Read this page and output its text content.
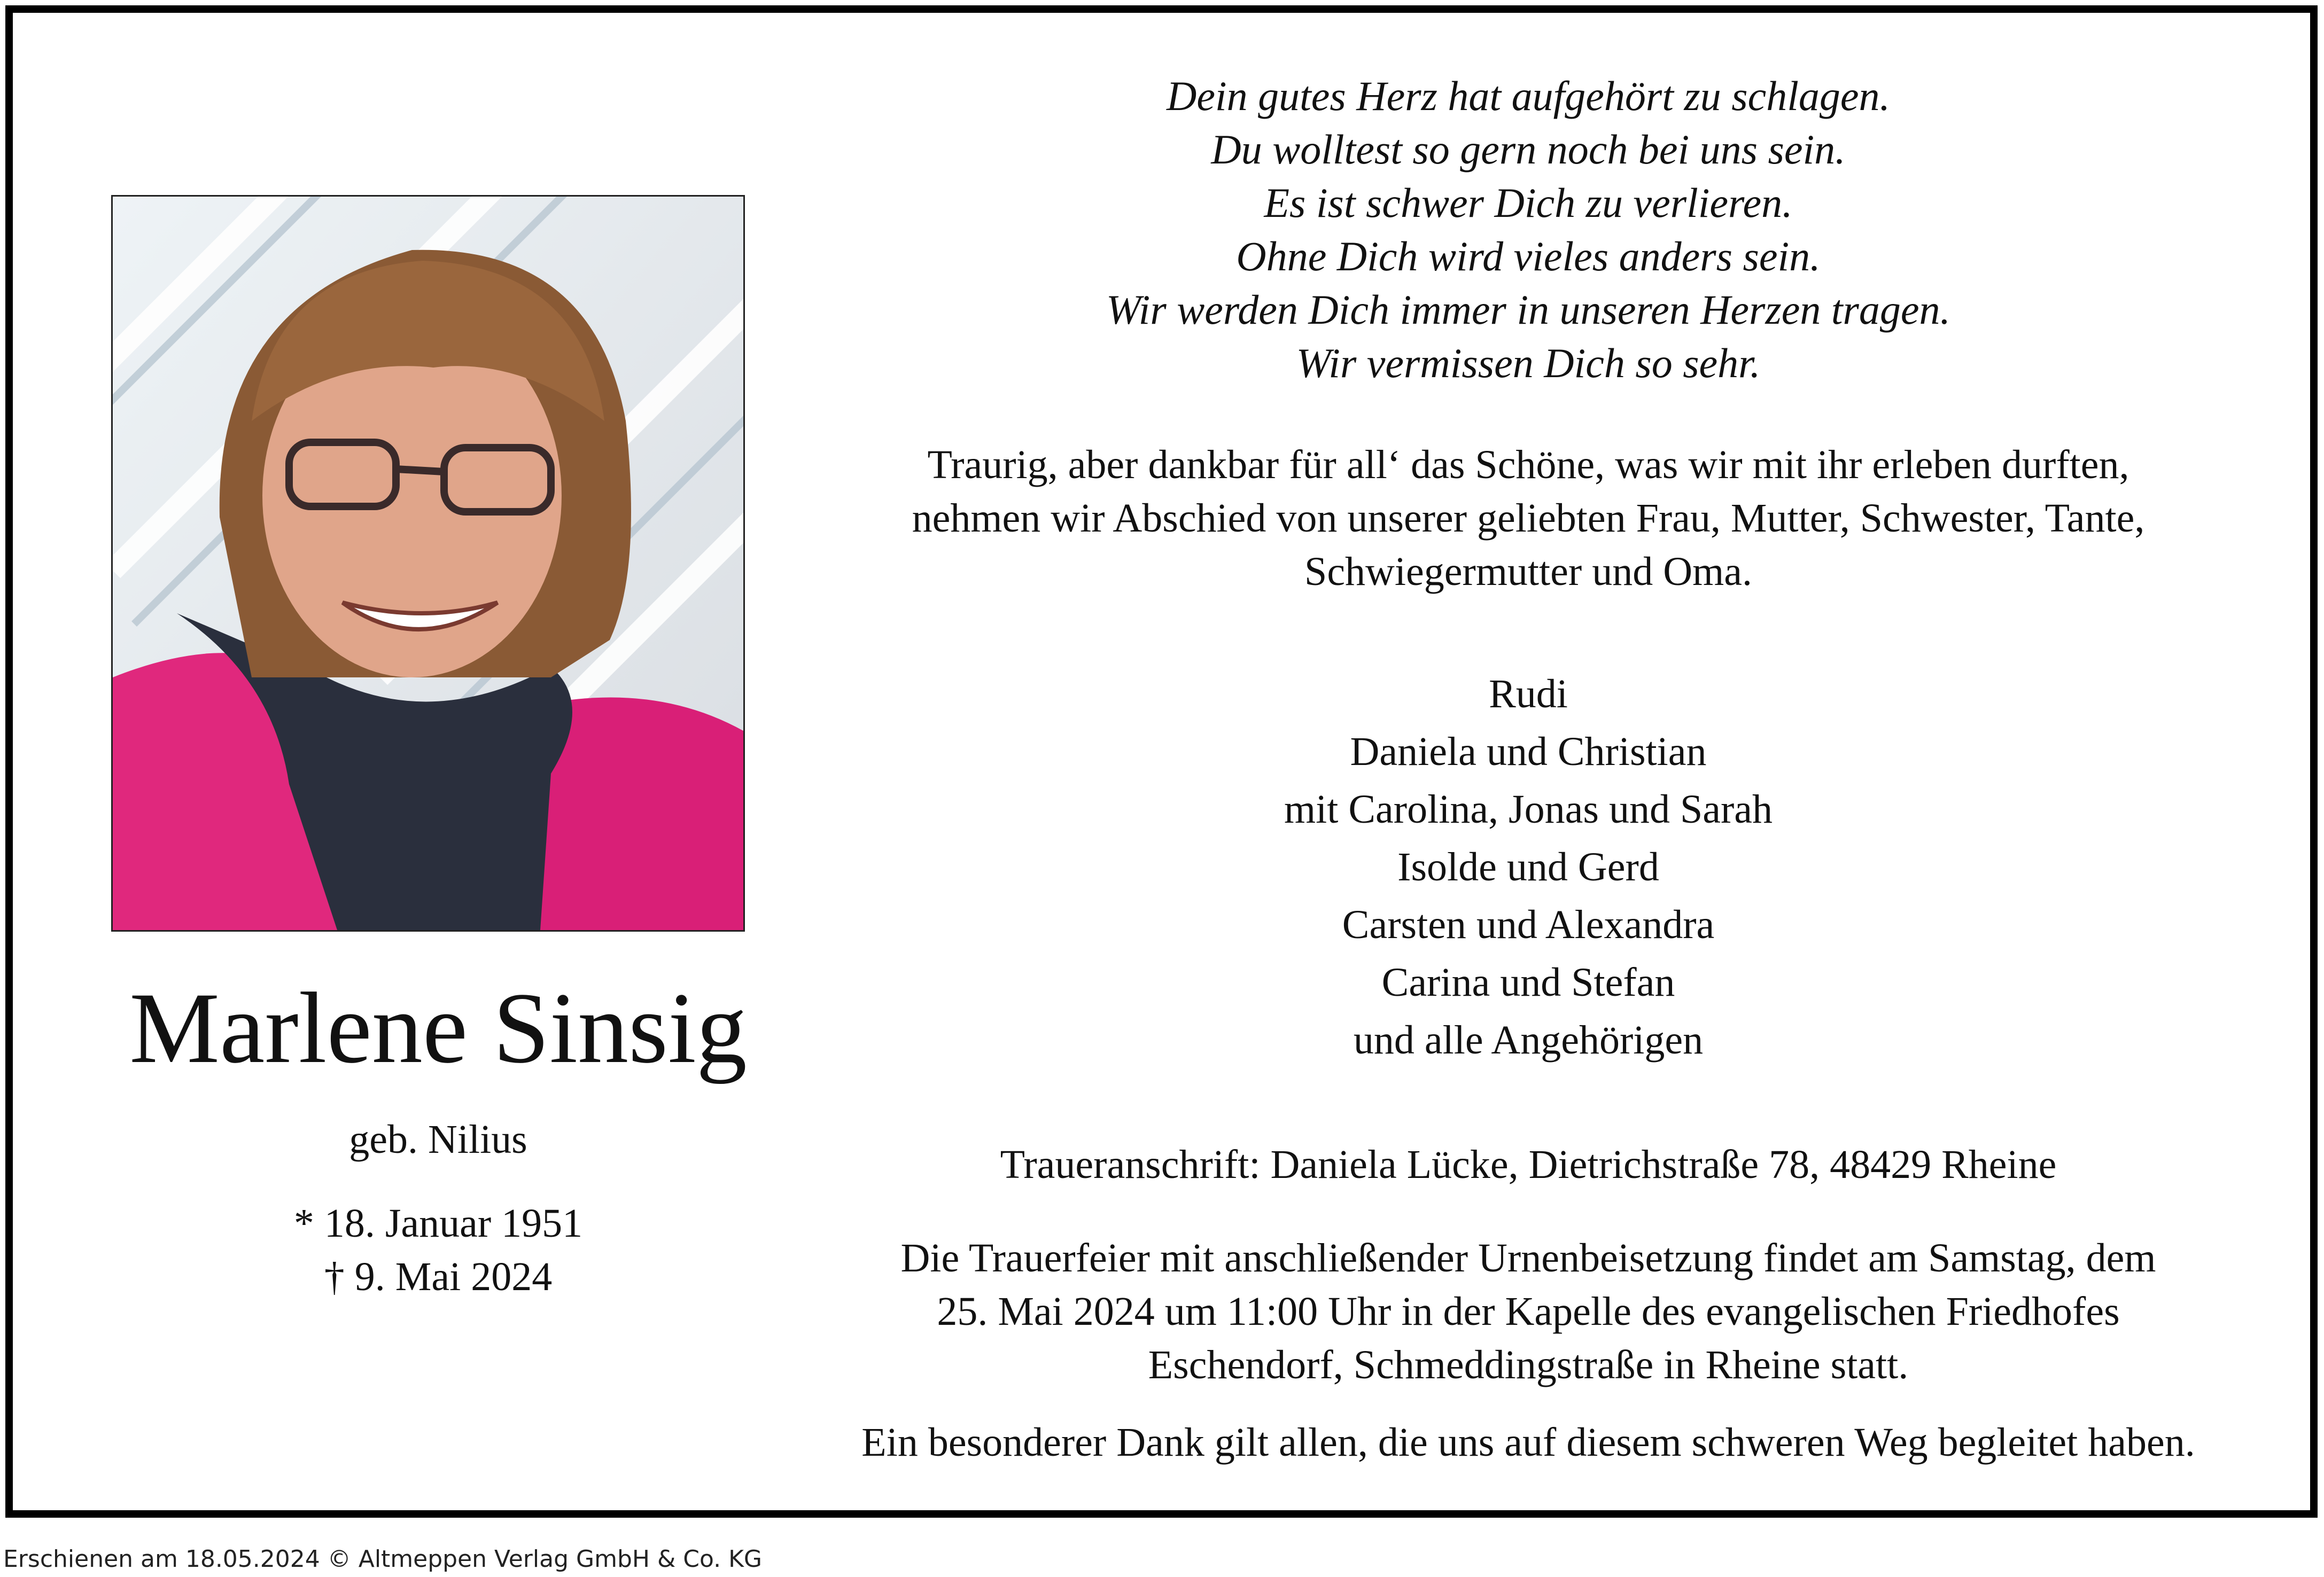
Marlene Sinsig
geb. Nilius
* 18. Januar 1951
† 9. Mai 2024
Dein gutes Herz hat aufgehört zu schlagen.
Du wolltest so gern noch bei uns sein.
Es ist schwer Dich zu verlieren.
Ohne Dich wird vieles anders sein.
Wir werden Dich immer in unseren Herzen tragen.
Wir vermissen Dich so sehr.
Traurig, aber dankbar für all‘ das Schöne, was wir mit ihr erleben durften,
nehmen wir Abschied von unserer geliebten Frau, Mutter, Schwester, Tante,
Schwiegermutter und Oma.
Rudi
Daniela und Christian
mit Carolina, Jonas und Sarah
Isolde und Gerd
Carsten und Alexandra
Carina und Stefan
und alle Angehörigen
Traueranschrift: Daniela Lücke, Dietrichstraße 78, 48429 Rheine
Die Trauerfeier mit anschließender Urnenbeisetzung findet am Samstag, dem
25. Mai 2024 um 11:00 Uhr in der Kapelle des evangelischen Friedhofes
Eschendorf, Schmeddingstraße in Rheine statt.
Ein besonderer Dank gilt allen, die uns auf diesem schweren Weg begleitet haben.
Erschienen am 18.05.2024 © Altmeppen Verlag GmbH & Co. KG
